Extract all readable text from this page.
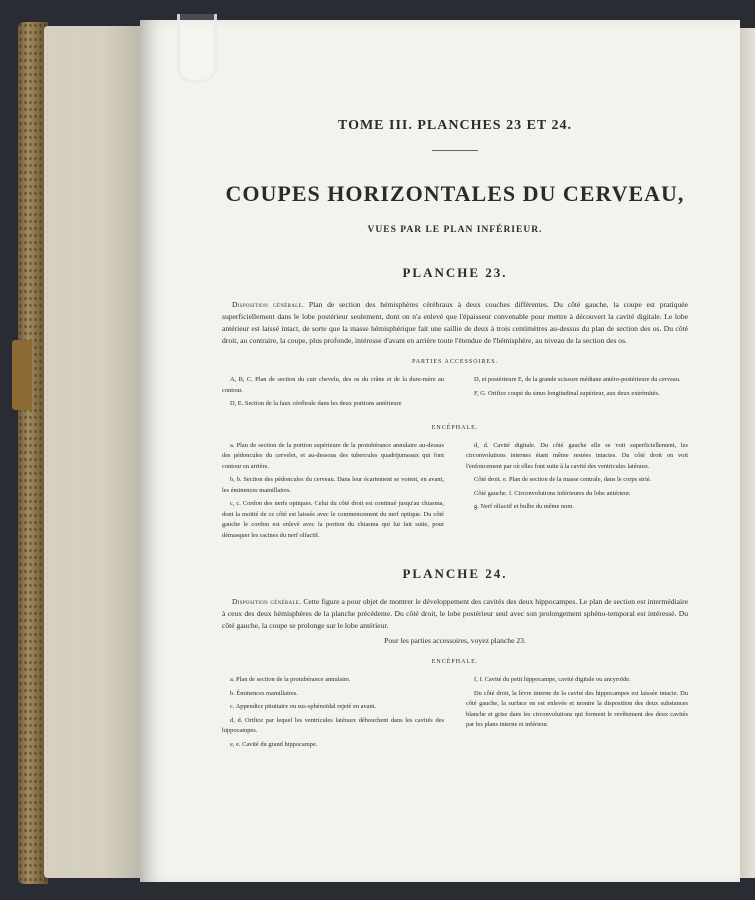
TOME III. PLANCHES 23 ET 24.
COUPES HORIZONTALES DU CERVEAU,
VUES PAR LE PLAN INFÉRIEUR.
PLANCHE 23.

Disposition générale. Plan de section des hémisphères cérébraux à deux couches différentes. Du côté gauche, la coupe est pratiquée superficiellement dans le lobe postérieur seulement, dont on n'a enlevé que l'épaisseur convenable pour mettre à découvert la cavité digitale. Le lobe antérieur est laissé intact, de sorte que la masse hémisphérique fait une saillie de deux à trois centimètres au-dessus du plan de section des os. Du côté droit, au contraire, la coupe, plus profonde, intéresse d'avant en arrière toute l'étendue de l'hémisphère, au niveau de la section des os.

PARTIES ACCESSOIRES.

A, B, C. Plan de section du cuir chevelu, des os du crâne et de la dure-mère au contour.

D, E. Section de la faux cérébrale dans les deux portions antérieure

D, et postérieure E, de la grande scissure médiane antéro-postérieure du cerveau.

F, G. Orifice coupé du sinus longitudinal supérieur, aux deux extrémités.

ENCÉPHALE.

a. Plan de section de la portion supérieure de la protubérance annulaire au-dessus des pédoncules du cervelet, et au-dessous des tubercules quadrijumeaux qui font contour en arrière.

b, b. Section des pédoncules du cerveau. Dans leur écartement se voient, en avant, les éminences mamillaires.

c, c. Cordon des nerfs optiques. Celui du côté droit est continué jusqu'au chiasma, dont la moitié de ce côté est laissée avec le commencement du nerf optique. Du côté gauche le cordon est enlevé avec la portion du chiasma qui lui fait suite, pour démasquer les racines du nerf olfactif.

d, d. Cavité digitale. Du côté gauche elle se voit superficiellement, les circonvolutions internes étant même restées intactes. Du côté droit on voit l'enfoncement par où elles font suite à la cavité des ventricules latéraux.

Côté droit. e. Plan de section de la masse centrale, dans le corps strié.

Côté gauche. f. Circonvolutions inférieures du lobe antérieur.

g. Nerf olfactif et bulbe du même nom.

PLANCHE 24.

Disposition générale. Cette figure a pour objet de montrer le développement des cavités des deux hippocampes. Le plan de section est intermédiaire à ceux des deux hémisphères de la planche précédente. Du côté droit, le lobe postérieur seul avec son prolongement sphéno-temporal est intéressé. Du côté gauche, la coupe se prolonge sur le lobe antérieur.

Pour les parties accessoires, voyez planche 23.

ENCÉPHALE.

a. Plan de section de la protubérance annulaire.

b. Éminences mamillaires.

c. Appendice pituitaire ou sus-sphénoïdal rejeté en avant.

d, d. Orifice par lequel les ventricules latéraux débouchent dans les cavités des hippocampes.

e, e. Cavité du grand hippocampe.

f, f. Cavité du petit hippocampe, cavité digitale ou ancyroïde.

Du côté droit, la lèvre interne de la cavité des hippocampes est laissée intacte. Du côté gauche, la surface en est enlevée et montre la disposition des deux substances blanche et grise dans les circonvolutions qui forment le revêtement des deux cavités par les plans interne et inférieur.
